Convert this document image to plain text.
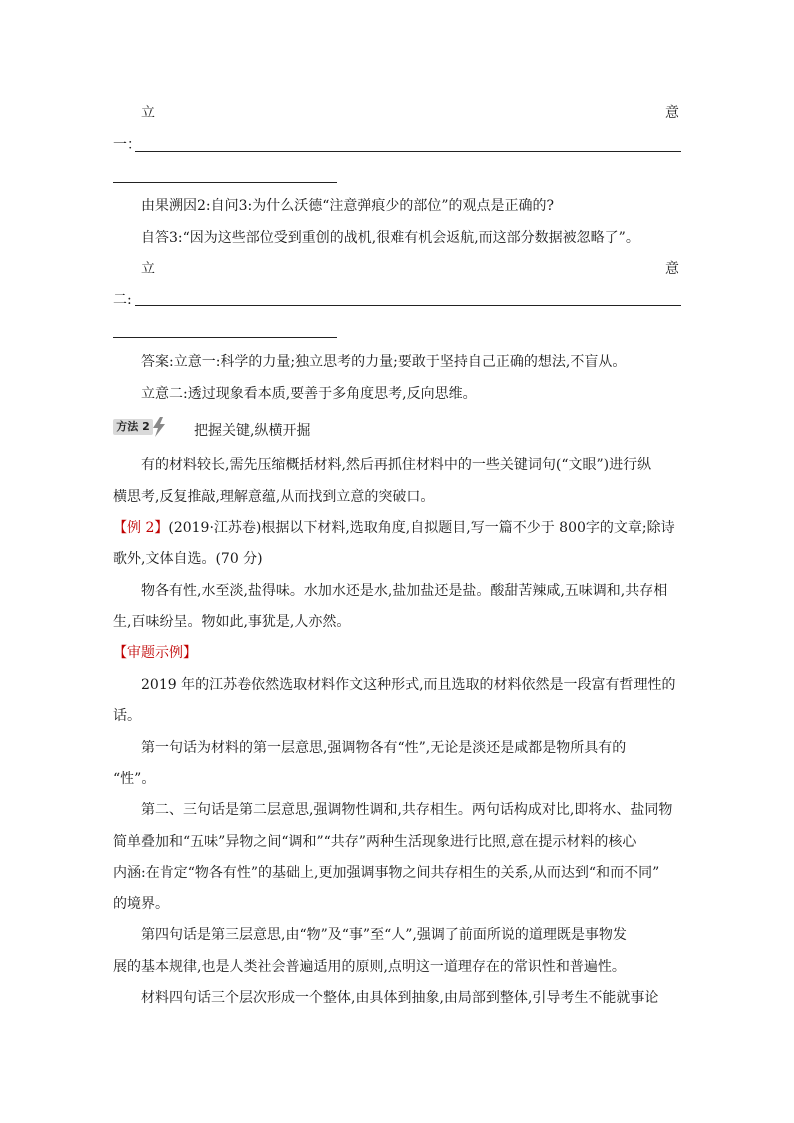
立	意
一：
由果溯因2:自问3:为什么沃德“注意弹痕少的部位”的观点是正确的?
自答3:“因为这些部位受到重创的战机,很难有机会返航,而这部分数据被忽略了”。
立	意
二:
答案:立意一:科学的力量;独立思考的力量;要敢于坚持自己正确的想法,不盲从。
立意二:透过现象看本质,要善于多角度思考,反向思维。
方法 2	把握关键,纵横开掘
有的材料较长,需先压缩概括材料,然后再抓住材料中的一些关键词句(“文眼”)进行纵
横思考,反复推敲,理解意蕴,从而找到立意的突破口。
【例 2】(2019·江苏卷)根据以下材料,选取角度,自拟题目,写一篇不少于 800字的文章;除诗
歌外,文体自选。(70 分)
物各有性,水至淡,盐得味。水加水还是水,盐加盐还是盐。酸甜苦辣咸,五味调和,共存相
生,百味纷呈。物如此,事犹是,人亦然。
【审题示例】
2019 年的江苏卷依然选取材料作文这种形式,而且选取的材料依然是一段富有哲理性的
话。
第一句话为材料的第一层意思,强调物各有“性”,无论是淡还是咸都是物所具有的
“性”。
第二、三句话是第二层意思,强调物性调和,共存相生。两句话构成对比,即将水、盐同物
简单叠加和“五味”异物之间“调和”“共存”两种生活现象进行比照,意在提示材料的核心
内涵:在肯定“物各有性”的基础上,更加强调事物之间共存相生的关系,从而达到“和而不同”
的境界。
第四句话是第三层意思,由“物”及“事”至“人”,强调了前面所说的道理既是事物发
展的基本规律,也是人类社会普遍适用的原则,点明这一道理存在的常识性和普遍性。
材料四句话三个层次形成一个整体,由具体到抽象,由局部到整体,引导考生不能就事论
